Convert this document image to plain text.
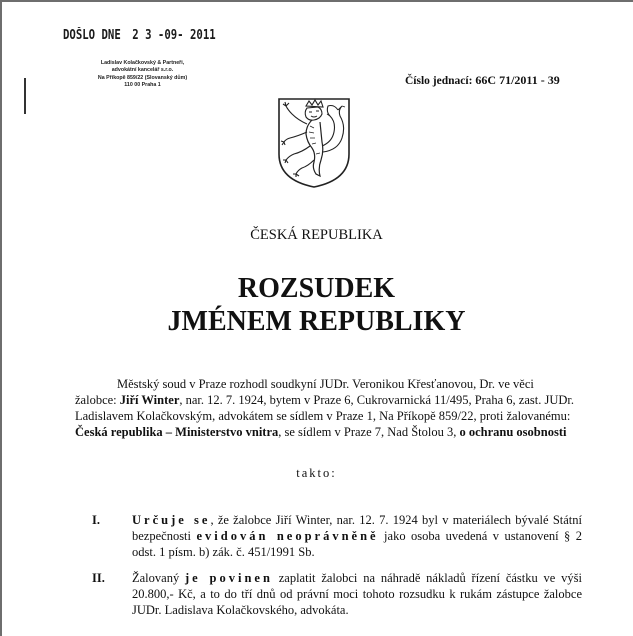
DOŠLO DNE 2 3 -09- 2011
Ladislav Kolačkovský & Partneři,
advokátní kancelář s.r.o.
Na Příkopě 859/22 (Slovanský dům)
110 00 Praha 1	Číslo jednací: 66C 71/2011 - 39
ČESKÁ REPUBLIKA
ROZSUDEK
JMÉNEM REPUBLIKY
Městský soud v Praze rozhodl soudkyní JUDr. Veronikou Křesťanovou, Dr. ve věci žalobce: Jiří Winter, nar. 12. 7. 1924, bytem v Praze 6, Cukrovarnická 11/495, Praha 6, zast. JUDr. Ladislavem Kolačkovským, advokátem se sídlem v Praze 1, Na Příkopě 859/22, proti žalovanému: Česká republika – Ministerstvo vnitra, se sídlem v Praze 7, Nad Štolou 3, o ochranu osobnosti
takto:
I.	Určuje se, že žalobce Jiří Winter, nar. 12. 7. 1924 byl v materiálech bývalé Státní bezpečnosti evidován neoprávněně jako osoba uvedená v ustanovení § 2 odst. 1 písm. b) zák. č. 451/1991 Sb.
II. Žalovaný je povinen zaplatit žalobci na náhradě nákladů řízení částku ve výši 20.800,- Kč, a to do tří dnů od právní moci tohoto rozsudku k rukám zástupce žalobce JUDr. Ladislava Kolačkovského, advokáta.
